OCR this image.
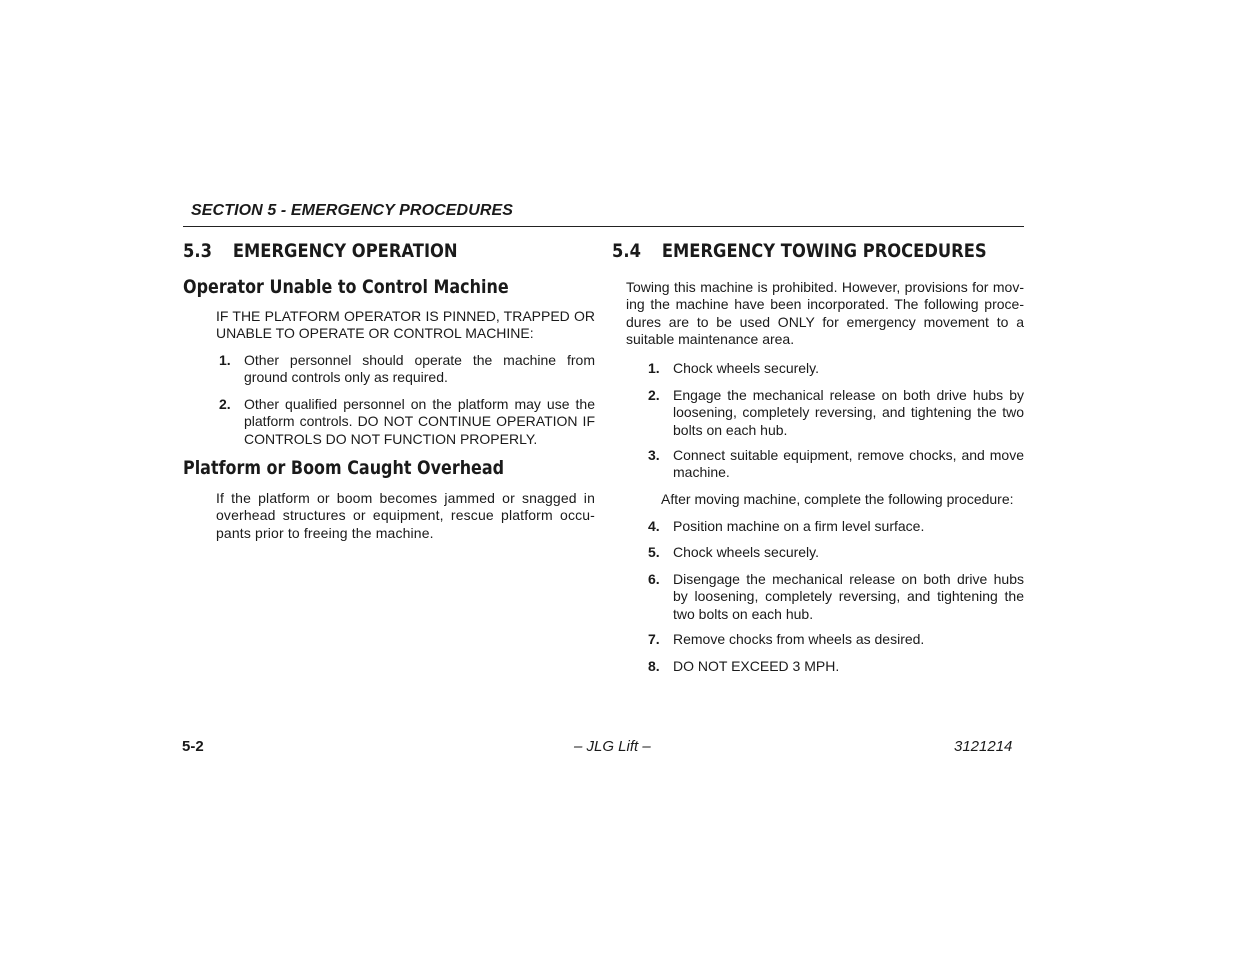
SECTION 5 - EMERGENCY PROCEDURES
5.3 EMERGENCY OPERATION
Operator Unable to Control Machine
IF THE PLATFORM OPERATOR IS PINNED, TRAPPED OR UNABLE TO OPERATE OR CONTROL MACHINE:
1. Other personnel should operate the machine from ground controls only as required.
2. Other qualified personnel on the platform may use the platform controls. DO NOT CONTINUE OPERATION IF CONTROLS DO NOT FUNCTION PROPERLY.
Platform or Boom Caught Overhead
If the platform or boom becomes jammed or snagged in overhead structures or equipment, rescue platform occu-pants prior to freeing the machine.
5.4 EMERGENCY TOWING PROCEDURES
Towing this machine is prohibited. However, provisions for mov-ing the machine have been incorporated. The following proce-dures are to be used ONLY for emergency movement to a suitable maintenance area.
1. Chock wheels securely.
2. Engage the mechanical release on both drive hubs by loosening, completely reversing, and tightening the two bolts on each hub.
3. Connect suitable equipment, remove chocks, and move machine.
After moving machine, complete the following procedure:
4. Position machine on a firm level surface.
5. Chock wheels securely.
6. Disengage the mechanical release on both drive hubs by loosening, completely reversing, and tightening the two bolts on each hub.
7. Remove chocks from wheels as desired.
8. DO NOT EXCEED 3 MPH.
5-2	– JLG Lift –	3121214
